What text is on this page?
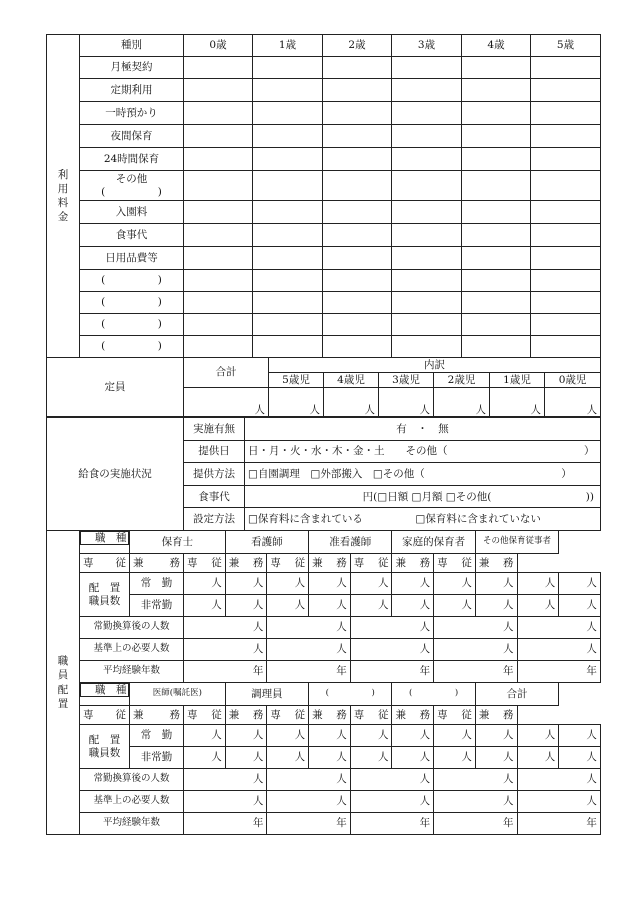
利
用
料
金	種別	0歳	1歳	2歳	3歳	4歳	5歳
	月極契約						
	定期利用						
	一時預かり						
	夜間保育						
	24時間保育						

	その他
(　　　　　)						

	入園料						
	食事代						
	日用品費等						
	(　　　　　)						
	(　　　　　)						
	(　　　　　)						
	(　　　　　)						
定員	合計	内訳					
		5歳児	4歳児	3歳児	2歳児	1歳児	0歳児
	人	人	人	人	人	人	人
給食の実施状況	実施有無	有　・　無
	提供日	日・月・火・水・木・金・土　　その他（　　　　　　　　　　　　　）
	提供方法	□自園調理　□外部搬入　□その他（　　　　　　　　　　　　　）
	食事代	円(□日額 □月額 □その他(　　　　　　　　　))
	設定方法	□保育料に含まれている　　　　　□保育料に含まれていない
職
員
配
置

職　種	保育士		看護師		准看護師		家庭的保育者		その他保育従事者		

	専 従	兼 務	専 従	兼 務	専 従	兼 務	専 従	兼 務	専 従	兼 務		

	配　置
職員数	常　勤	人	人	人	人	人	人	人	人	人	人
		非常勤	人	人	人	人	人	人	人	人	人	人
	常勤換算後の人数		人		人		人		人		人	
	基準上の必要人数		人		人		人		人		人	
	平均経験年数		年		年		年		年		年	

職　種	医師(嘱託医)		調理員		(　　　　　)		(　　　　　)		合計		

	専 従	兼 務	専 従	兼 務	専 従	兼 務	専 従	兼 務	専 従	兼 務		

	配　置
職員数	常　勤	人	人	人	人	人	人	人	人	人	人
		非常勤	人	人	人	人	人	人	人	人	人	人
	常勤換算後の人数		人		人		人		人		人	
	基準上の必要人数		人		人		人		人		人	
	平均経験年数		年		年		年		年		年	
